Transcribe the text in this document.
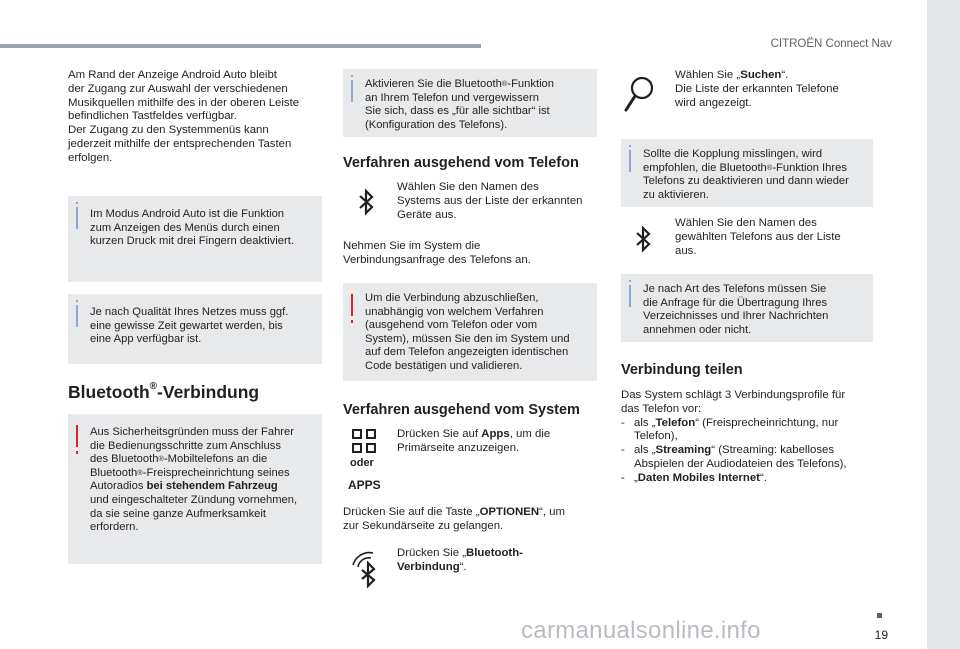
CITROËN Connect Nav

Am Rand der Anzeige Android Auto bleibt

der Zugang zur Auswahl der verschiedenen

Musikquellen mithilfe des in der oberen Leiste

befindlichen Tastfeldes verfügbar.

Der Zugang zu den Systemmenüs kann

jederzeit mithilfe der entsprechenden Tasten

erfolgen.

Im Modus Android Auto ist die Funktion

zum Anzeigen des Menüs durch einen

kurzen Druck mit drei Fingern deaktiviert.

Je nach Qualität Ihres Netzes muss ggf.

eine gewisse Zeit gewartet werden, bis

eine App verfügbar ist.

Bluetooth®-Verbindung

Aus Sicherheitsgründen muss der Fahrer

die Bedienungsschritte zum Anschluss

des Bluetooth®-Mobiltelefons an die

Bluetooth®-Freisprecheinrichtung seines

Autoradios bei stehendem Fahrzeug

und eingeschalteter Zündung vornehmen,

da sie seine ganze Aufmerksamkeit

erfordern.

Aktivieren Sie die Bluetooth®-Funktion

an Ihrem Telefon und vergewissern

Sie sich, dass es „für alle sichtbar“ ist

(Konfiguration des Telefons).

Verfahren ausgehend vom Telefon

Wählen Sie den Namen des

Systems aus der Liste der erkannten

Geräte aus.

Nehmen Sie im System die

Verbindungsanfrage des Telefons an.

Um die Verbindung abzuschließen,

unabhängig von welchem Verfahren

(ausgehend vom Telefon oder vom

System), müssen Sie den im System und

auf dem Telefon angezeigten identischen

Code bestätigen und validieren.

Verfahren ausgehend vom System
oder
APPS

Drücken Sie auf Apps, um die

Primärseite anzuzeigen.

Drücken Sie auf die Taste „OPTIONEN“, um

zur Sekundärseite zu gelangen.

Drücken Sie „Bluetooth-

Verbindung“.

Wählen Sie „Suchen“.

Die Liste der erkannten Telefone

wird angezeigt.

Sollte die Kopplung misslingen, wird

empfohlen, die Bluetooth®-Funktion Ihres

Telefons zu deaktivieren und dann wieder

zu aktivieren.

Wählen Sie den Namen des

gewählten Telefons aus der Liste

aus.

Je nach Art des Telefons müssen Sie

die Anfrage für die Übertragung Ihres

Verzeichnisses und Ihrer Nachrichten

annehmen oder nicht.

Verbindung teilen

Das System schlägt 3 Verbindungsprofile für

das Telefon vor:

- als „Telefon“ (Freisprecheinrichtung, nur
Telefon),
- als „Streaming“ (Streaming: kabelloses
Abspielen der Audiodateien des Telefons),
- „Daten Mobiles Internet“.
19
carmanualsonline.info
